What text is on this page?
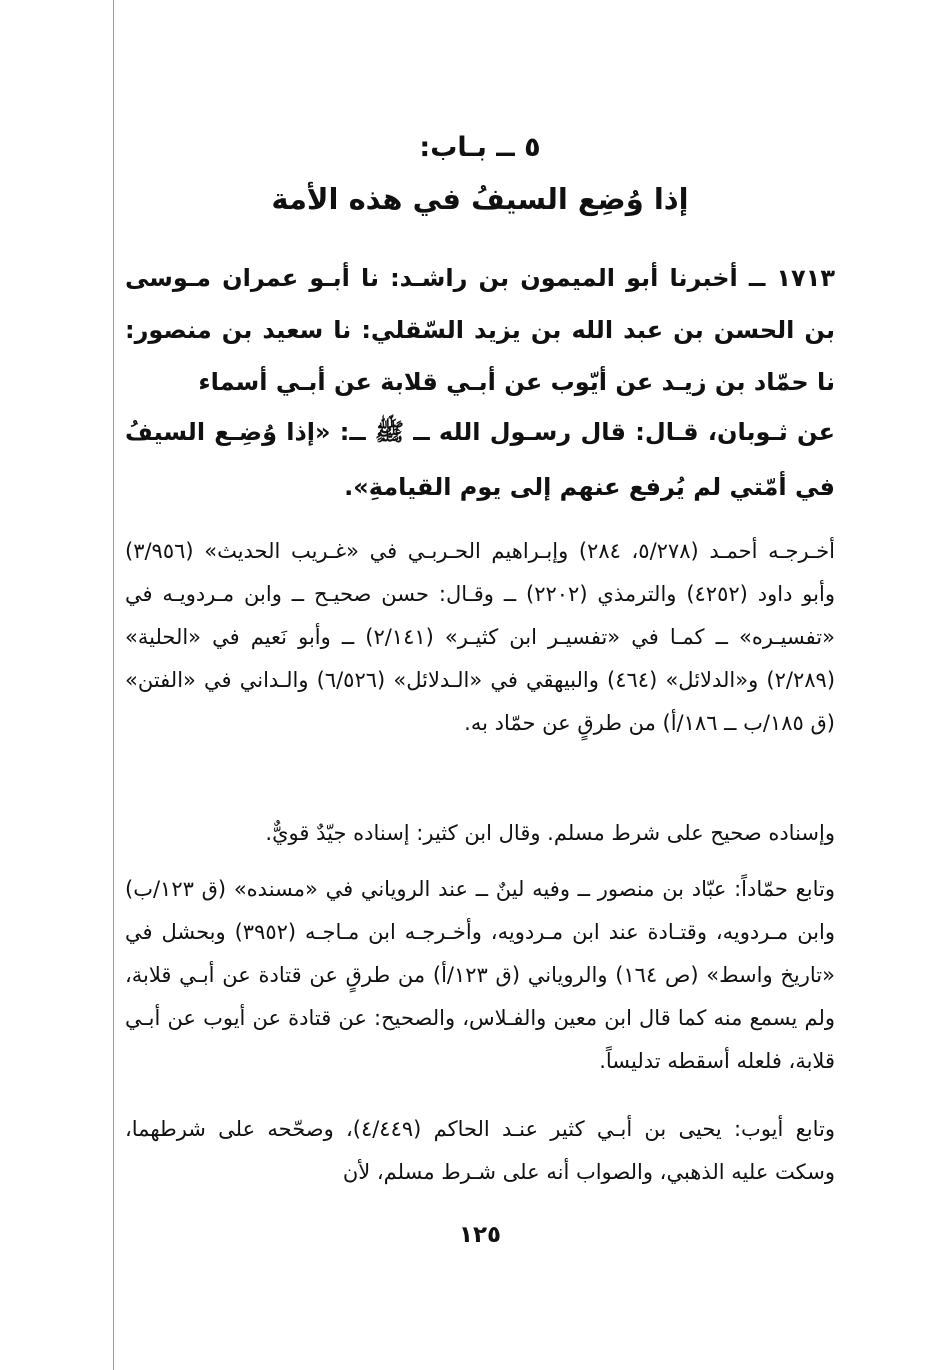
٥ ــ بـاب:
إذا وُضِع السيفُ في هذه الأمة
١٧١٣ ــ أخبرنا أبو الميمون بن راشـد: نا أبـو عمران مـوسى بن الحسن بن عبد الله بن يزيد السّقلي: نا سعيد بن منصور: نا حمّاد بن زيـد عن أيّوب عن أبـي قلابة عن أبـي أسماء
عن ثـوبان، قـال: قال رسـول الله ــ ﷺ ــ: «إذا وُضِـع السيفُ في أمّتي لم يُرفع عنهم إلى يوم القيامةِ».
أخـرجـه أحمـد (٥/٢٧٨، ٢٨٤) وإبـراهيم الحـربـي في «غـريب الحديث» (٣/٩٥٦) وأبو داود (٤٢٥٢) والترمذي (٢٢٠٢) ــ وقـال: حسن صحيـح ــ وابن مـردويـه في «تفسيـره» ــ كمـا في «تفسيـر ابن كثيـر» (٢/١٤١) ــ وأبو نَعيم في «الحلية» (٢/٢٨٩) و«الدلائل» (٤٦٤) والبيهقي في «الـدلائل» (٦/٥٢٦) والـداني في «الفتن» (ق ١٨٥/ب ــ ١٨٦/أ) من طرقٍ عن حمّاد به.
وإسناده صحيح على شرط مسلم. وقال ابن كثير: إسناده جيّدٌ قويٌّ.
وتابع حمّاداً: عبّاد بن منصور ــ وفيه لينٌ ــ عند الروياني في «مسنده» (ق ١٢٣/ب) وابن مـردويه، وقتـادة عند ابن مـردويه، وأخـرجـه ابن مـاجـه (٣٩٥٢) وبحشل في «تاريخ واسط» (ص ١٦٤) والروياني (ق ١٢٣/أ) من طرقٍ عن قتادة عن أبـي قلابة، ولم يسمع منه كما قال ابن معين والفـلاس، والصحيح: عن قتادة عن أيوب عن أبـي قلابة، فلعله أسقطه تدليساً.
وتابع أيوب: يحيى بن أبـي كثير عنـد الحاكم (٤/٤٤٩)، وصحّحه على شرطهما، وسكت عليه الذهبي، والصواب أنه على شـرط مسلم، لأن
١٢٥
